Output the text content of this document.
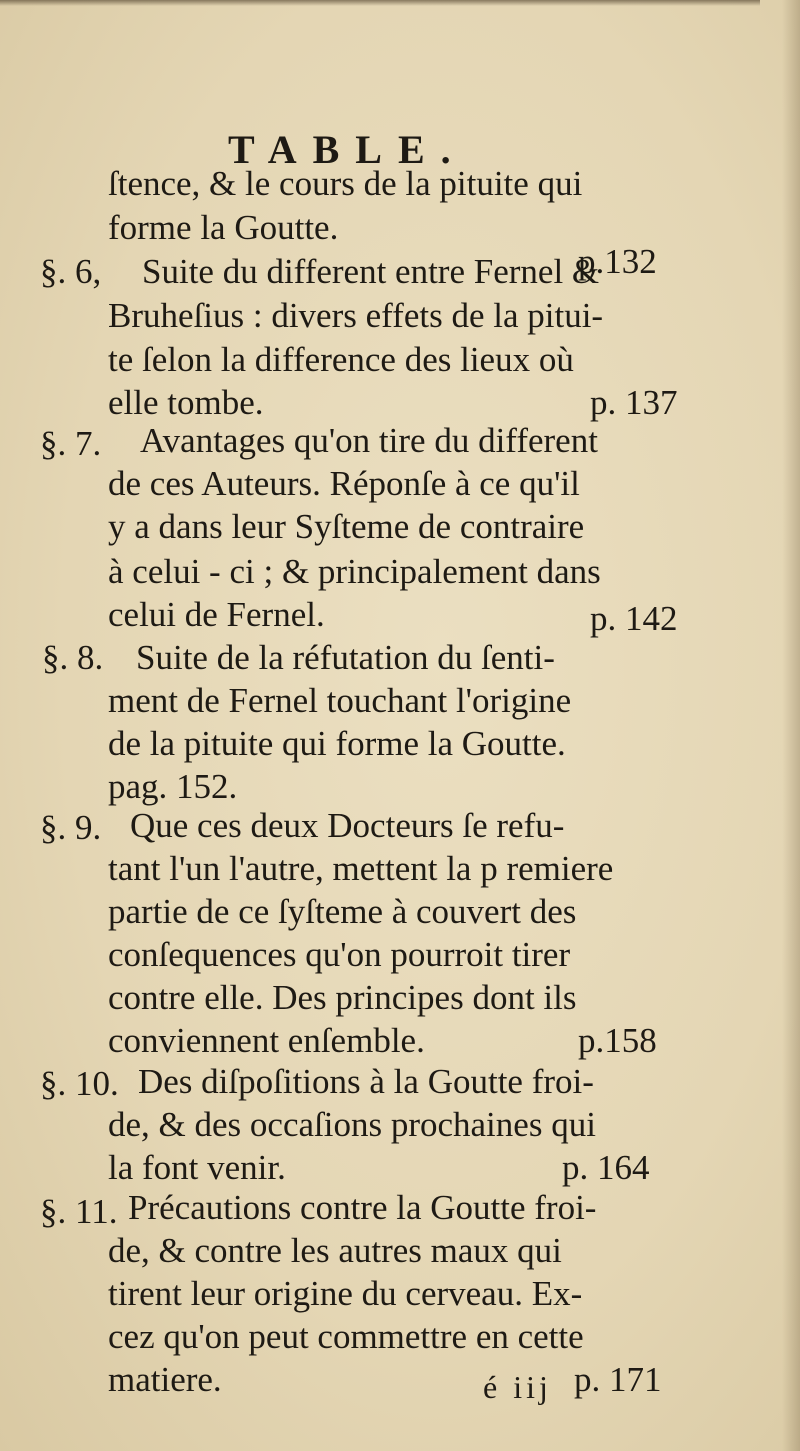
TABLE.
ſtence, & le cours de la pituite qui
forme la Goutte.
p.132
§. 6, Suite du different entre Fernel &
Bruheſius : divers effets de la pitui-
te ſelon la difference des lieux où
elle tombe.	p. 137
§. 7. Avantages qu'on tire du different
de ces Auteurs. Réponſe à ce qu'il
y a dans leur Syſteme de contraire
à celui - ci ; & principalement dans
celui de Fernel.	p. 142
§. 8. Suite de la réfutation du ſenti-
ment de Fernel touchant l'origine
de la pituite qui forme la Goutte.
pag. 152.
§. 9. Que ces deux Docteurs ſe refu-
tant l'un l'autre, mettent la p remiere
partie de ce ſyſteme à couvert des
conſequences qu'on pourroit tirer
contre elle. Des principes dont ils
conviennent enſemble.	p.158
§. 10. Des diſpoſitions à la Goutte froi-
de, & des occaſions prochaines qui
la font venir.	p. 164
§. 11. Précautions contre la Goutte froi-
de, & contre les autres maux qui
tirent leur origine du cerveau. Ex-
cez qu'on peut commettre en cette
matiere.	p. 171
é iij
